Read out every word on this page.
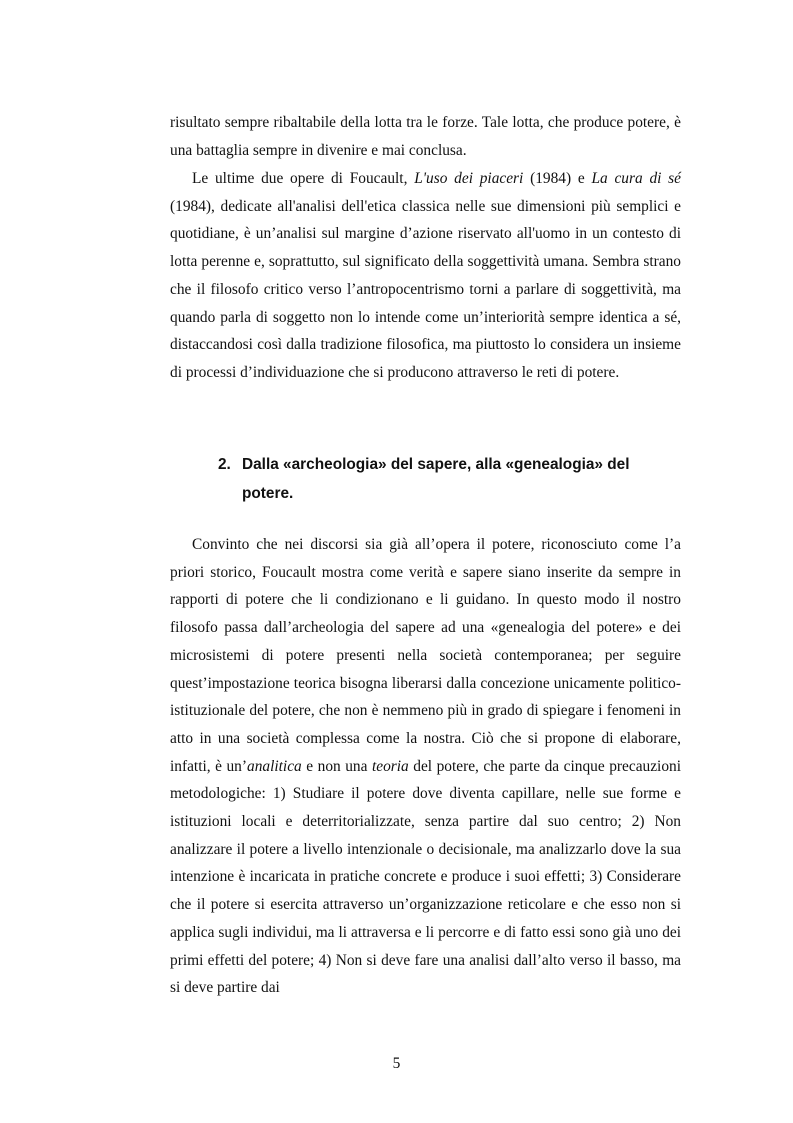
risultato sempre ribaltabile della lotta tra le forze. Tale lotta, che produce potere, è una battaglia sempre in divenire e mai conclusa.

Le ultime due opere di Foucault, L'uso dei piaceri (1984) e La cura di sé (1984), dedicate all'analisi dell'etica classica nelle sue dimensioni più semplici e quotidiane, è un’analisi sul margine d’azione riservato all'uomo in un contesto di lotta perenne e, soprattutto, sul significato della soggettività umana. Sembra strano che il filosofo critico verso l’antropocentrismo torni a parlare di soggettività, ma quando parla di soggetto non lo intende come un’interiorità sempre identica a sé, distaccandosi così dalla tradizione filosofica, ma piuttosto lo considera un insieme di processi d’individuazione che si producono attraverso le reti di potere.

2. Dalla «archeologia» del sapere, alla «genealogia» del potere.

Convinto che nei discorsi sia già all’opera il potere, riconosciuto come l’a priori storico, Foucault mostra come verità e sapere siano inserite da sempre in rapporti di potere che li condizionano e li guidano. In questo modo il nostro filosofo passa dall’archeologia del sapere ad una «genealogia del potere» e dei microsistemi di potere presenti nella società contemporanea; per seguire quest’impostazione teorica bisogna liberarsi dalla concezione unicamente politico-istituzionale del potere, che non è nemmeno più in grado di spiegare i fenomeni in atto in una società complessa come la nostra. Ciò che si propone di elaborare, infatti, è un’analitica e non una teoria del potere, che parte da cinque precauzioni metodologiche: 1) Studiare il potere dove diventa capillare, nelle sue forme e istituzioni locali e deterritorializzate, senza partire dal suo centro; 2) Non analizzare il potere a livello intenzionale o decisionale, ma analizzarlo dove la sua intenzione è incaricata in pratiche concrete e produce i suoi effetti; 3) Considerare che il potere si esercita attraverso un’organizzazione reticolare e che esso non si applica sugli individui, ma li attraversa e li percorre e di fatto essi sono già uno dei primi effetti del potere; 4) Non si deve fare una analisi dall’alto verso il basso, ma si deve partire dai

5
